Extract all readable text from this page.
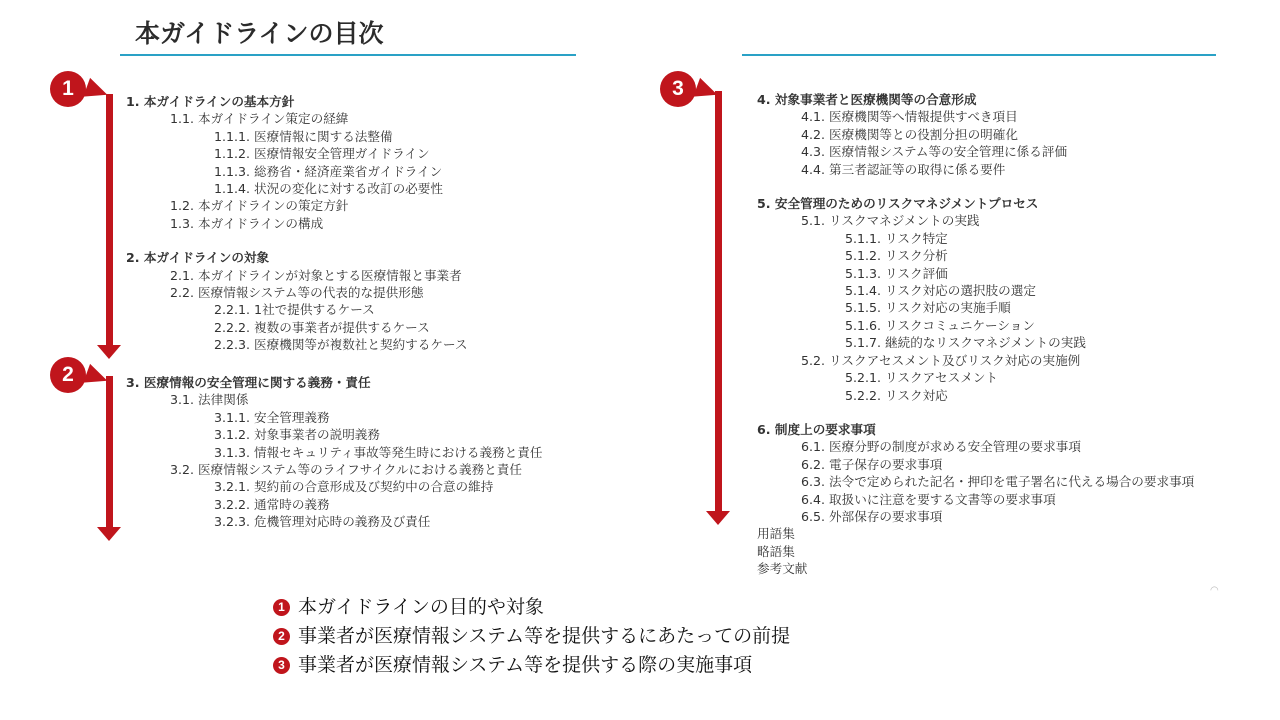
本ガイドラインの目次
1
2
3
1. 本ガイドラインの基本方針
1.1. 本ガイドライン策定の経緯
1.1.1. 医療情報に関する法整備
1.1.2. 医療情報安全管理ガイドライン
1.1.3. 総務省・経済産業省ガイドライン
1.1.4. 状況の変化に対する改訂の必要性
1.2. 本ガイドラインの策定方針
1.3. 本ガイドラインの構成
2. 本ガイドラインの対象
2.1. 本ガイドラインが対象とする医療情報と事業者
2.2. 医療情報システム等の代表的な提供形態
2.2.1. 1社で提供するケース
2.2.2. 複数の事業者が提供するケース
2.2.3. 医療機関等が複数社と契約するケース
3. 医療情報の安全管理に関する義務・責任
3.1. 法律関係
3.1.1. 安全管理義務
3.1.2. 対象事業者の説明義務
3.1.3. 情報セキュリティ事故等発生時における義務と責任
3.2. 医療情報システム等のライフサイクルにおける義務と責任
3.2.1. 契約前の合意形成及び契約中の合意の維持
3.2.2. 通常時の義務
3.2.3. 危機管理対応時の義務及び責任
4. 対象事業者と医療機関等の合意形成
4.1. 医療機関等へ情報提供すべき項目
4.2. 医療機関等との役割分担の明確化
4.3. 医療情報システム等の安全管理に係る評価
4.4. 第三者認証等の取得に係る要件
5. 安全管理のためのリスクマネジメントプロセス
5.1. リスクマネジメントの実践
5.1.1. リスク特定
5.1.2. リスク分析
5.1.3. リスク評価
5.1.4. リスク対応の選択肢の選定
5.1.5. リスク対応の実施手順
5.1.6. リスクコミュニケーション
5.1.7. 継続的なリスクマネジメントの実践
5.2. リスクアセスメント及びリスク対応の実施例
5.2.1. リスクアセスメント
5.2.2. リスク対応
6. 制度上の要求事項
6.1. 医療分野の制度が求める安全管理の要求事項
6.2. 電子保存の要求事項
6.3. 法令で定められた記名・押印を電子署名に代える場合の要求事項
6.4. 取扱いに注意を要する文書等の要求事項
6.5. 外部保存の要求事項
用語集
略語集
参考文献
1 本ガイドラインの目的や対象
2 事業者が医療情報システム等を提供するにあたっての前提
3 事業者が医療情報システム等を提供する際の実施事項
◠
